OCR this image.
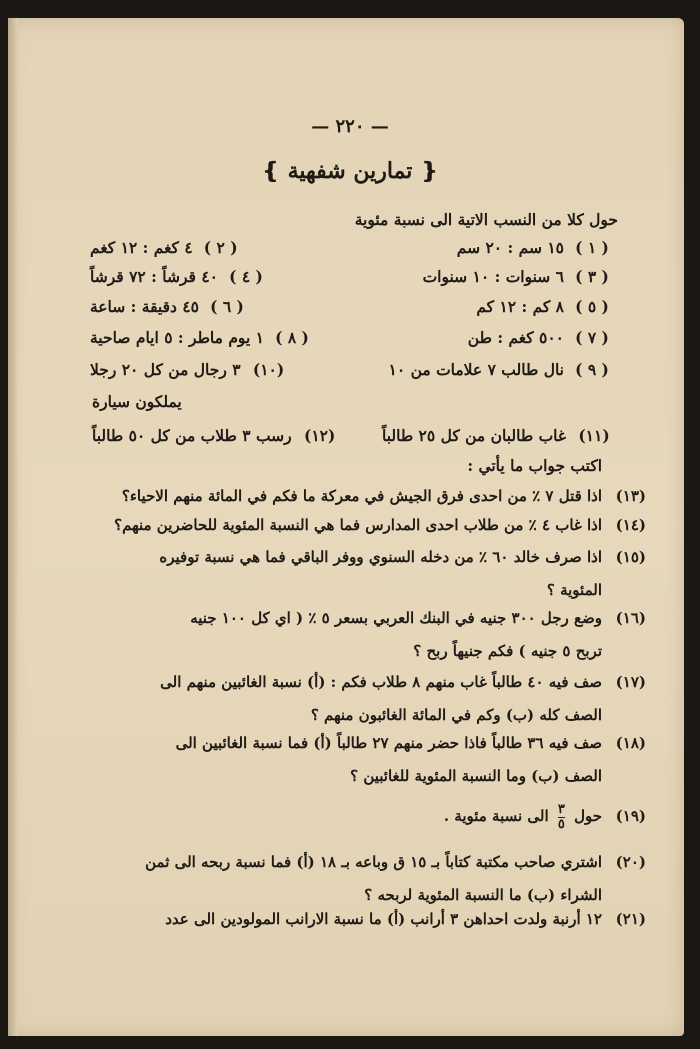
— ٢٢٠ —
❴ تمارين شفهية ❵
حول كلا من النسب الاتية الى نسبة مئوية
( ١ )
١٥ سم : ٢٠ سم
( ٢ )
٤ كغم : ١٢ كغم
( ٣ )
٦ سنوات : ١٠ سنوات
( ٤ )
٤٠ قرشاً : ٧٢ قرشاً
( ٥ )
٨ كم : ١٢ كم
( ٦ )
٤٥ دقيقة : ساعة
( ٧ )
٥٠٠ كغم : طن
( ٨ )
١ يوم ماطر : ٥ ايام صاحية
( ٩ )
نال طالب ٧ علامات من ١٠
(١٠)
٣ رجال من كل ٢٠ رجلا
يملكون سيارة
(١١)
غاب طالبان من كل ٢٥ طالباً
(١٢)
رسب ٣ طلاب من كل ٥٠ طالباً
اكتب جواب ما يأتي :
(١٣)
اذا قتل ٧ ٪ من احدى فرق الجيش في معركة ما فكم في المائة منهم الاحياء؟
(١٤)
اذا غاب ٤ ٪ من طلاب احدى المدارس فما هي النسبة المئوية للحاضرين منهم؟
(١٥)
اذا صرف خالد ٦٠ ٪ من دخله السنوي ووفر الباقي فما هي نسبة توفيره
المئوية ؟
(١٦)
وضع رجل ٣٠٠ جنيه في البنك العربي بسعر ٥ ٪ ( اي كل ١٠٠ جنيه
تربح ٥ جنيه ) فكم جنيهاً ربح ؟
(١٧)
صف فيه ٤٠ طالباً غاب منهم ٨ طلاب فكم : (أ) نسبة الغائبين منهم الى
الصف كله (ب) وكم في المائة الغائبون منهم ؟
(١٨)
صف فيه ٣٦ طالباً فاذا حضر منهم ٢٧ طالباً (أ) فما نسبة الغائبين الى
الصف (ب) وما النسبة المئوية للغائبين ؟
(١٩)
حول
$\frac{٣}{٥}$
الى نسبة مئوية .
(٢٠)
اشتري صاحب مكتبة كتاباً بـ ١٥ ق وباعه بـ ١٨ (أ) فما نسبة ربحه الى ثمن
الشراء (ب) ما النسبة المئوية لربحه ؟
(٢١)
١٢ أرنبة ولدت احداهن ٣ أرانب (أ) ما نسبة الارانب المولودين الى عدد
